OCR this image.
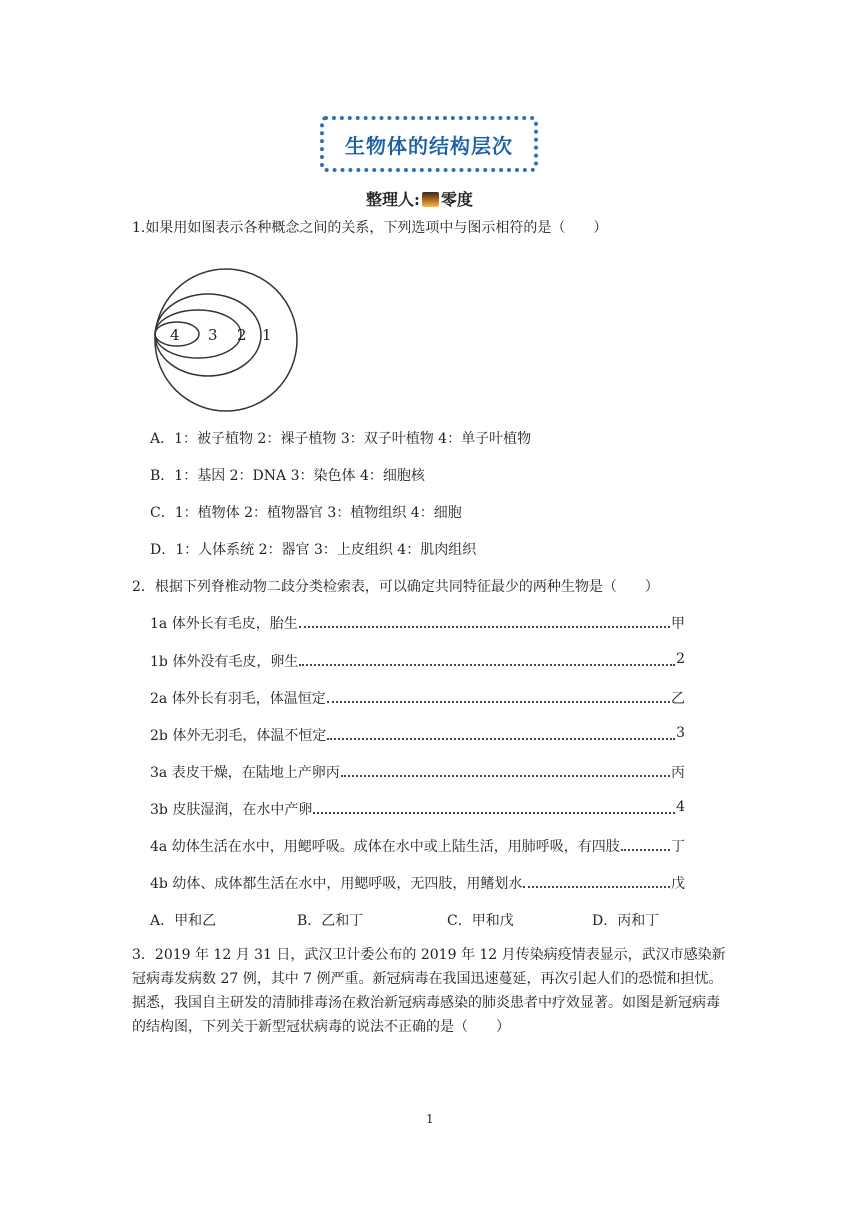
生物体的结构层次
整理人: 零度
1.如果用如图表示各种概念之间的关系，下列选项中与图示相符的是（　　）
4 3 2 1
A．1：被子植物 2：裸子植物 3：双子叶植物 4：单子叶植物
B．1：基因 2：DNA 3：染色体 4：细胞核
C．1：植物体 2：植物器官 3：植物组织 4：细胞
D．1：人体系统 2：器官 3：上皮组织 4：肌肉组织
2．根据下列脊椎动物二歧分类检索表，可以确定共同特征最少的两种生物是（　　）
1a 体外长有毛皮，胎生	甲
1b 体外没有毛皮，卵生	2
2a 体外长有羽毛，体温恒定	乙
2b 体外无羽毛，体温不恒定	3
3a 表皮干燥，在陆地上产卵丙	丙
3b 皮肤湿润，在水中产卵	4
4a 幼体生活在水中，用鳃呼吸。成体在水中或上陆生活，用肺呼吸，有四肢	丁
4b 幼体、成体都生活在水中，用鳃呼吸，无四肢，用鳍划水	戊
A．甲和乙	B．乙和丁	C．甲和戊	D．丙和丁
3．2019 年 12 月 31 日，武汉卫计委公布的 2019 年 12 月传染病疫情表显示，武汉市感染新冠病毒发病数 27 例，其中 7 例严重。新冠病毒在我国迅速蔓延，再次引起人们的恐慌和担忧。据悉，我国自主研发的清肺排毒汤在救治新冠病毒感染的肺炎患者中疗效显著。如图是新冠病毒的结构图，下列关于新型冠状病毒的说法不正确的是（　　）
1
